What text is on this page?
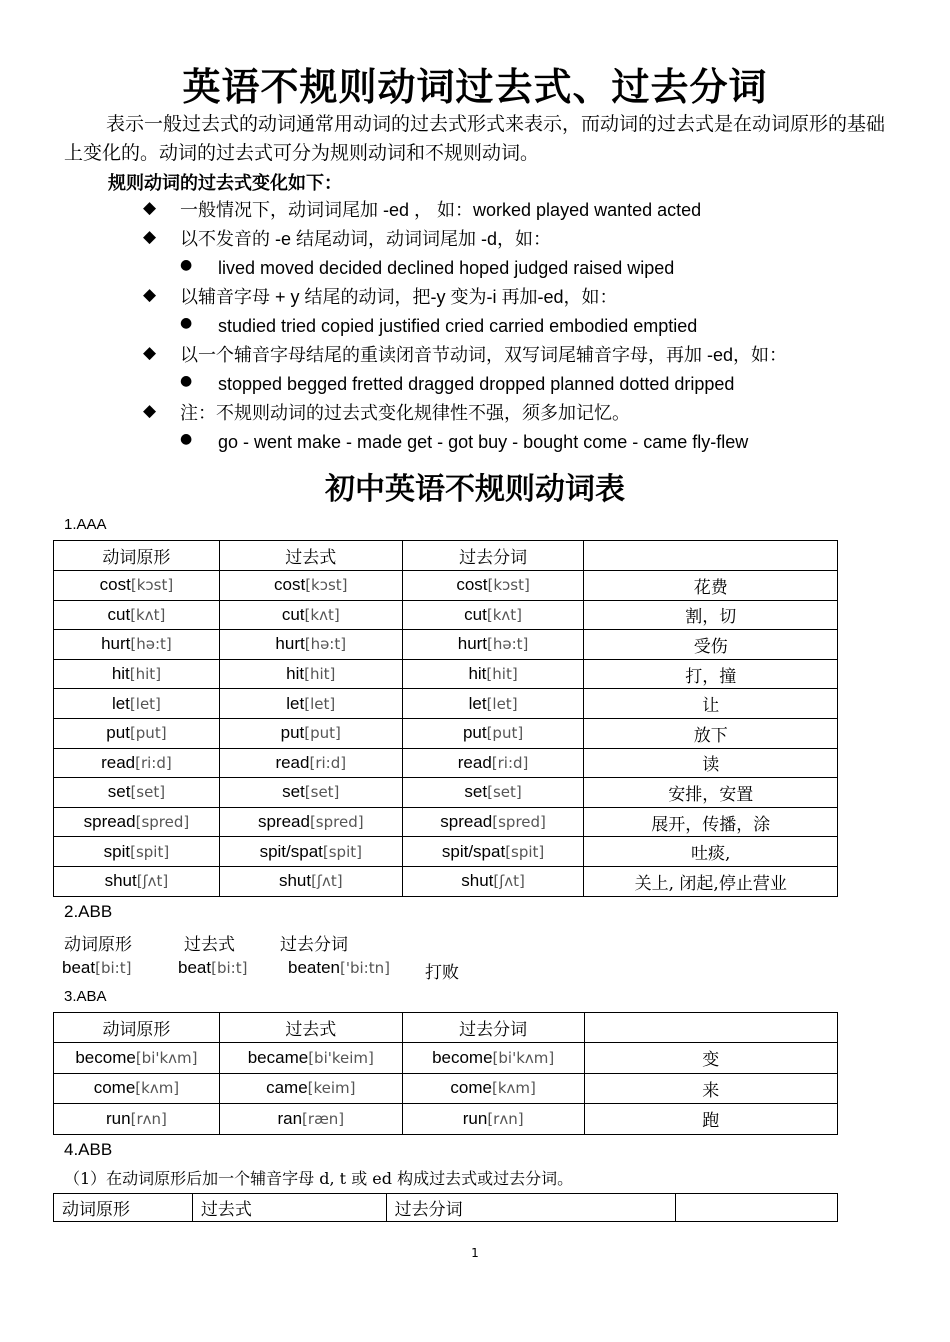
英语不规则动词过去式、过去分词
表示一般过去式的动词通常用动词的过去式形式来表示，而动词的过去式是在动词原形的基础上变化的。动词的过去式可分为规则动词和不规则动词。
规则动词的过去式变化如下：
◆ 一般情况下，动词词尾加 -ed ， 如：worked played wanted acted
◆ 以不发音的 -e 结尾动词，动词词尾加 -d，如：
● lived moved decided declined hoped judged raised wiped
◆ 以辅音字母 + y 结尾的动词，把-y 变为-i 再加-ed，如：
● studied tried copied justified cried carried embodied emptied
◆ 以一个辅音字母结尾的重读闭音节动词，双写词尾辅音字母，再加 -ed，如：
● stopped begged fretted dragged dropped planned dotted dripped
◆ 注：不规则动词的过去式变化规律性不强，须多加记忆。
● go - went make - made get - got buy - bought come - came fly-flew
初中英语不规则动词表
1.AAA
动词原形	过去式	过去分词	
cost[kɔst]	cost[kɔst]	cost[kɔst]	花费
cut[kʌt]	cut[kʌt]	cut[kʌt]	割，切
hurt[hə:t]	hurt[hə:t]	hurt[hə:t]	受伤
hit[hit]	hit[hit]	hit[hit]	打，撞
let[let]	let[let]	let[let]	让
put[put]	put[put]	put[put]	放下
read[ri:d]	read[ri:d]	read[ri:d]	读
set[set]	set[set]	set[set]	安排，安置
spread[spred]	spread[spred]	spread[spred]	展开，传播，涂
spit[spit]	spit/spat[spit]	spit/spat[spit]	吐痰,
shut[ʃʌt]	shut[ʃʌt]	shut[ʃʌt]	关上, 闭起,停止营业
2.ABB
动词原形	过去式	过去分词
beat[bi:t]	beat[bi:t] beaten['bi:tn] 打败
3.ABA
动词原形	过去式	过去分词	
become[bi'kʌm]	became[bi'keim]	become[bi'kʌm]	变
come[kʌm]	came[keim]	come[kʌm]	来
run[rʌn]	ran[ræn]	run[rʌn]	跑
4.ABB
（1）在动词原形后加一个辅音字母 d, t 或 ed 构成过去式或过去分词。
动词原形	过去式	过去分词	
1
